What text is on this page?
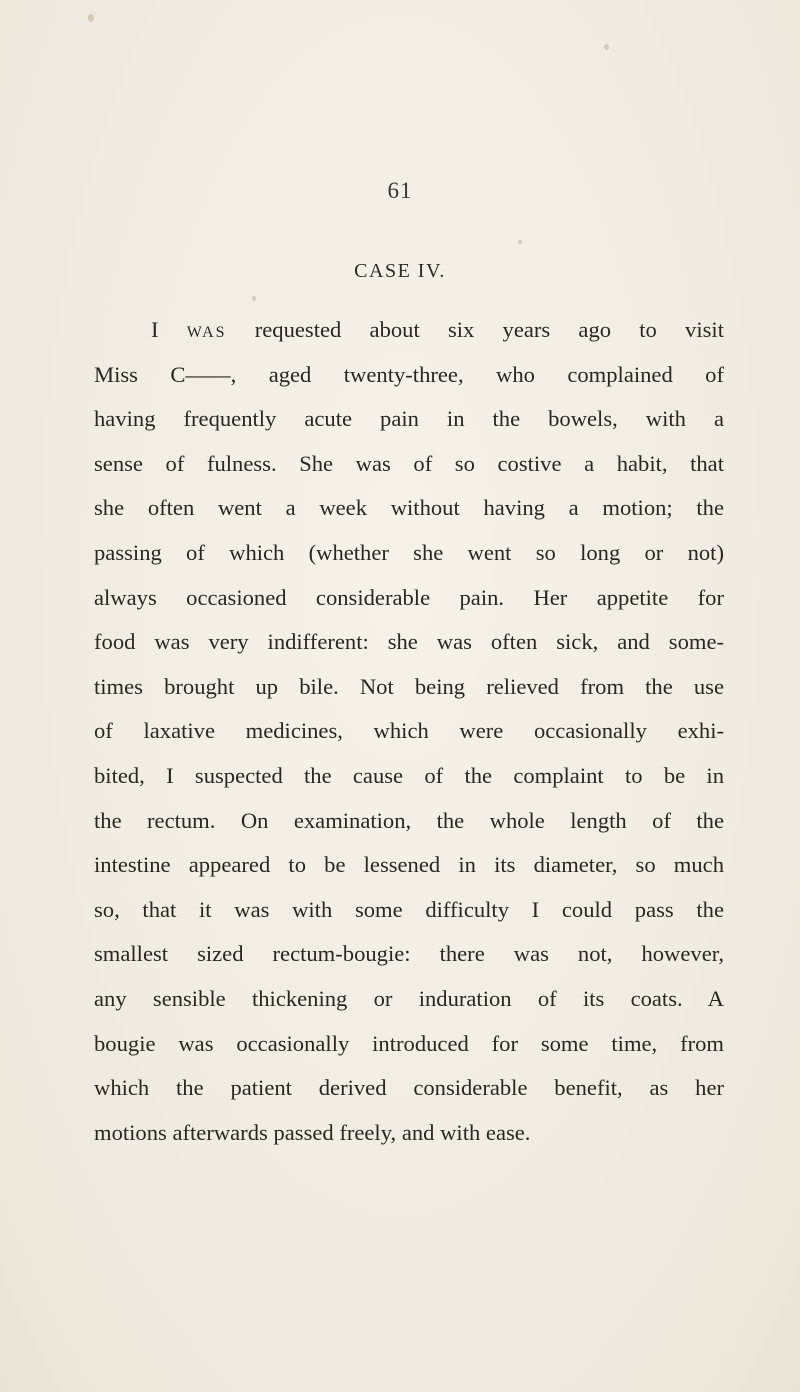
61
CASE IV.
I was requested about six years ago to visit
Miss C——, aged twenty-three, who complained of
having frequently acute pain in the bowels, with a
sense of fulness. She was of so costive a habit, that
she often went a week without having a motion; the
passing of which (whether she went so long or not)
always occasioned considerable pain. Her appetite for
food was very indifferent: she was often sick, and some-
times brought up bile. Not being relieved from the use
of laxative medicines, which were occasionally exhi-
bited, I suspected the cause of the complaint to be in
the rectum. On examination, the whole length of the
intestine appeared to be lessened in its diameter, so much
so, that it was with some difficulty I could pass the
smallest sized rectum-bougie: there was not, however,
any sensible thickening or induration of its coats. A
bougie was occasionally introduced for some time, from
which the patient derived considerable benefit, as her
motions afterwards passed freely, and with ease.
